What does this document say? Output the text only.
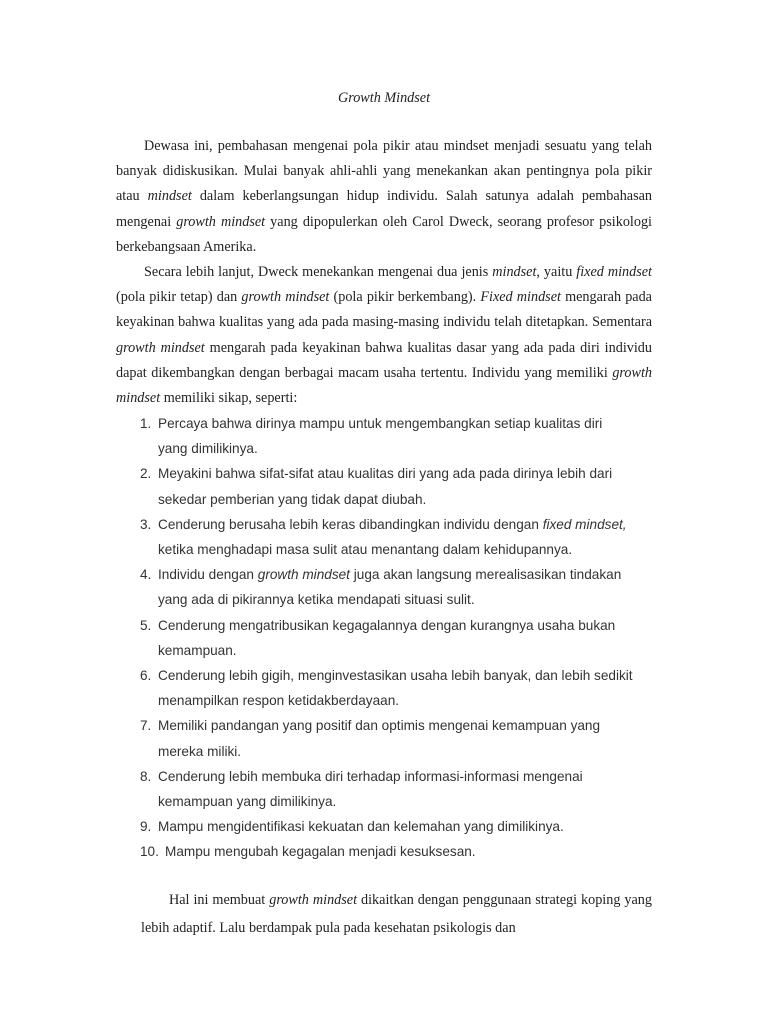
Growth Mindset

Dewasa ini, pembahasan mengenai pola pikir atau mindset menjadi sesuatu yang telah banyak didiskusikan. Mulai banyak ahli-ahli yang menekankan akan pentingnya pola pikir atau mindset dalam keberlangsungan hidup individu. Salah satunya adalah pembahasan mengenai growth mindset yang dipopulerkan oleh Carol Dweck, seorang profesor psikologi berkebangsaan Amerika.

Secara lebih lanjut, Dweck menekankan mengenai dua jenis mindset, yaitu fixed mindset (pola pikir tetap) dan growth mindset (pola pikir berkembang). Fixed mindset mengarah pada keyakinan bahwa kualitas yang ada pada masing-masing individu telah ditetapkan. Sementara growth mindset mengarah pada keyakinan bahwa kualitas dasar yang ada pada diri individu dapat dikembangkan dengan berbagai macam usaha tertentu. Individu yang memiliki growth mindset memiliki sikap, seperti:

1. Percaya bahwa dirinya mampu untuk mengembangkan setiap kualitas diri
yang dimilikinya.
2. Meyakini bahwa sifat-sifat atau kualitas diri yang ada pada dirinya lebih dari
sekedar pemberian yang tidak dapat diubah.
3. Cenderung berusaha lebih keras dibandingkan individu dengan fixed mindset,
ketika menghadapi masa sulit atau menantang dalam kehidupannya.
4. Individu dengan growth mindset juga akan langsung merealisasikan tindakan
yang ada di pikirannya ketika mendapati situasi sulit.
5. Cenderung mengatribusikan kegagalannya dengan kurangnya usaha bukan
kemampuan.
6. Cenderung lebih gigih, menginvestasikan usaha lebih banyak, dan lebih sedikit
menampilkan respon ketidakberdayaan.
7. Memiliki pandangan yang positif dan optimis mengenai kemampuan yang
mereka miliki.
8. Cenderung lebih membuka diri terhadap informasi-informasi mengenai
kemampuan yang dimilikinya.
9. Mampu mengidentifikasi kekuatan dan kelemahan yang dimilikinya.
10. Mampu mengubah kegagalan menjadi kesuksesan.

Hal ini membuat growth mindset dikaitkan dengan penggunaan strategi koping yang lebih adaptif. Lalu berdampak pula pada kesehatan psikologis dan
